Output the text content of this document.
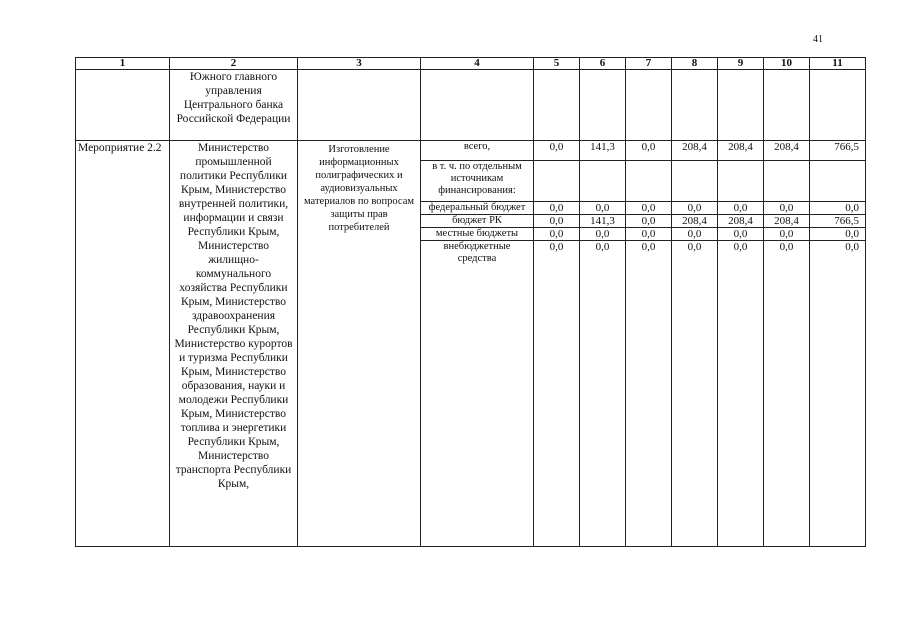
41
1	2	3	4	5	6	7	8	9	10	11
	Южного главного управления Центрального банка Российской Федерации									
Мероприятие 2.2	Министерство промышленной политики Республики Крым, Министерство внутренней политики, информации и связи Республики Крым, Министерство жилищно-коммунального хозяйства Республики Крым, Министерство здравоохранения Республики Крым, Министерство курортов и туризма Республики Крым, Министерство образования, науки и молодежи Республики Крым, Министерство топлива и энергетики Республики Крым, Министерство транспорта Республики Крым,	Изготовление информационных полиграфических и аудиовизуальных материалов по вопросам защиты прав потребителей	всего,	0,0	141,3	0,0	208,4	208,4	208,4	766,5
			в т. ч. по отдельным источникам финансирования:							
			федеральный бюджет	0,0	0,0	0,0	0,0	0,0	0,0	0,0
			бюджет РК	0,0	141,3	0,0	208,4	208,4	208,4	766,5
			местные бюджеты	0,0	0,0	0,0	0,0	0,0	0,0	0,0
			внебюджетные средства	0,0	0,0	0,0	0,0	0,0	0,0	0,0
